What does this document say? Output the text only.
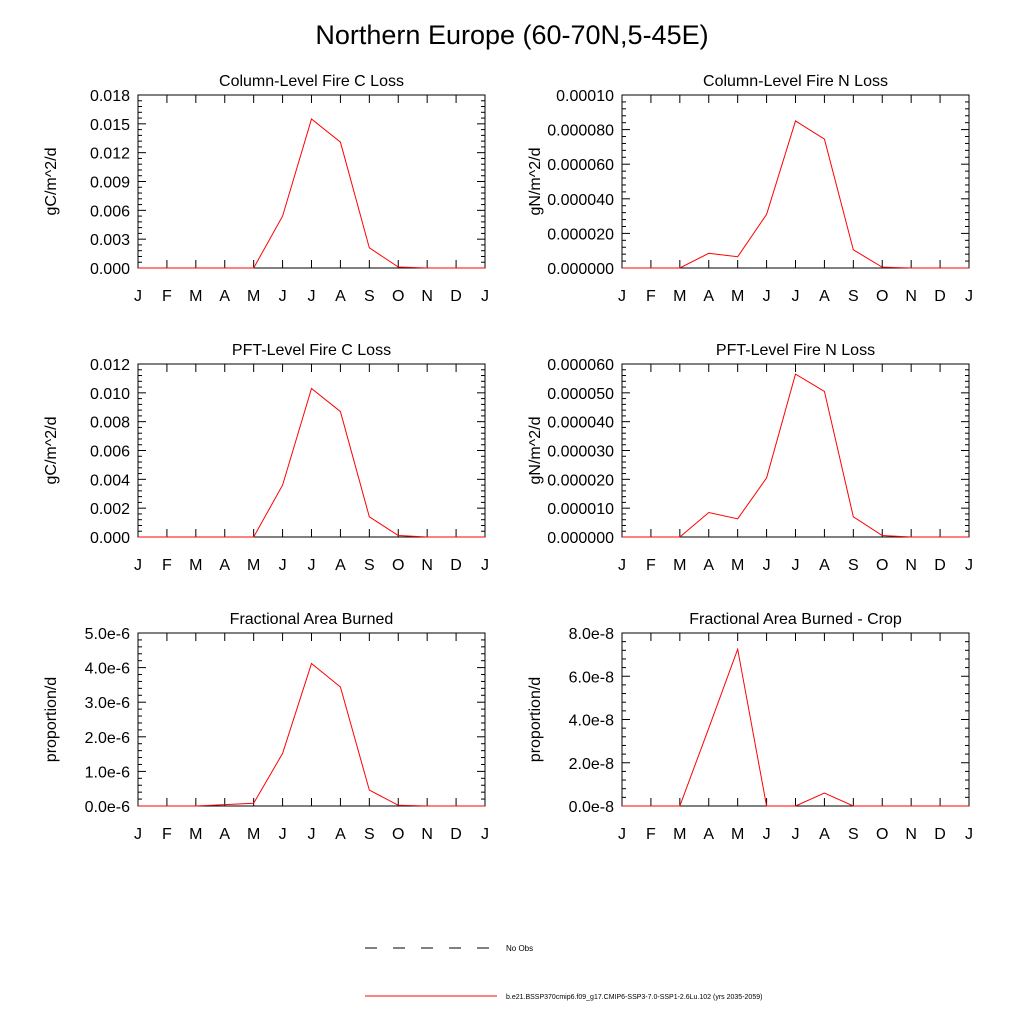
Northern Europe (60-70N,5-45E)
Column-Level Fire C Loss
gC/m^2/d
0.000
0.003
0.006
0.009
0.012
0.015
0.018
J F M A M J J A S O N D J
Column-Level Fire N Loss
gN/m^2/d
0.000000
0.000020
0.000040
0.000060
0.000080
0.00010
J F M A M J J A S O N D J
PFT-Level Fire C Loss
gC/m^2/d
0.000
0.002
0.004
0.006
0.008
0.010
0.012
J F M A M J J A S O N D J
PFT-Level Fire N Loss
gN/m^2/d
0.000000
0.000010
0.000020
0.000030
0.000040
0.000050
0.000060
J F M A M J J A S O N D J
Fractional Area Burned
proportion/d
0.0e-6
1.0e-6
2.0e-6
3.0e-6
4.0e-6
5.0e-6
J F M A M J J A S O N D J
Fractional Area Burned - Crop
proportion/d
0.0e-8
2.0e-8
4.0e-8
6.0e-8
8.0e-8
J F M A M J J A S O N D J
No Obs
b.e21.BSSP370cmip6.f09_g17.CMIP6-SSP3-7.0-SSP1-2.6Lu.102 (yrs 2035-2059)
